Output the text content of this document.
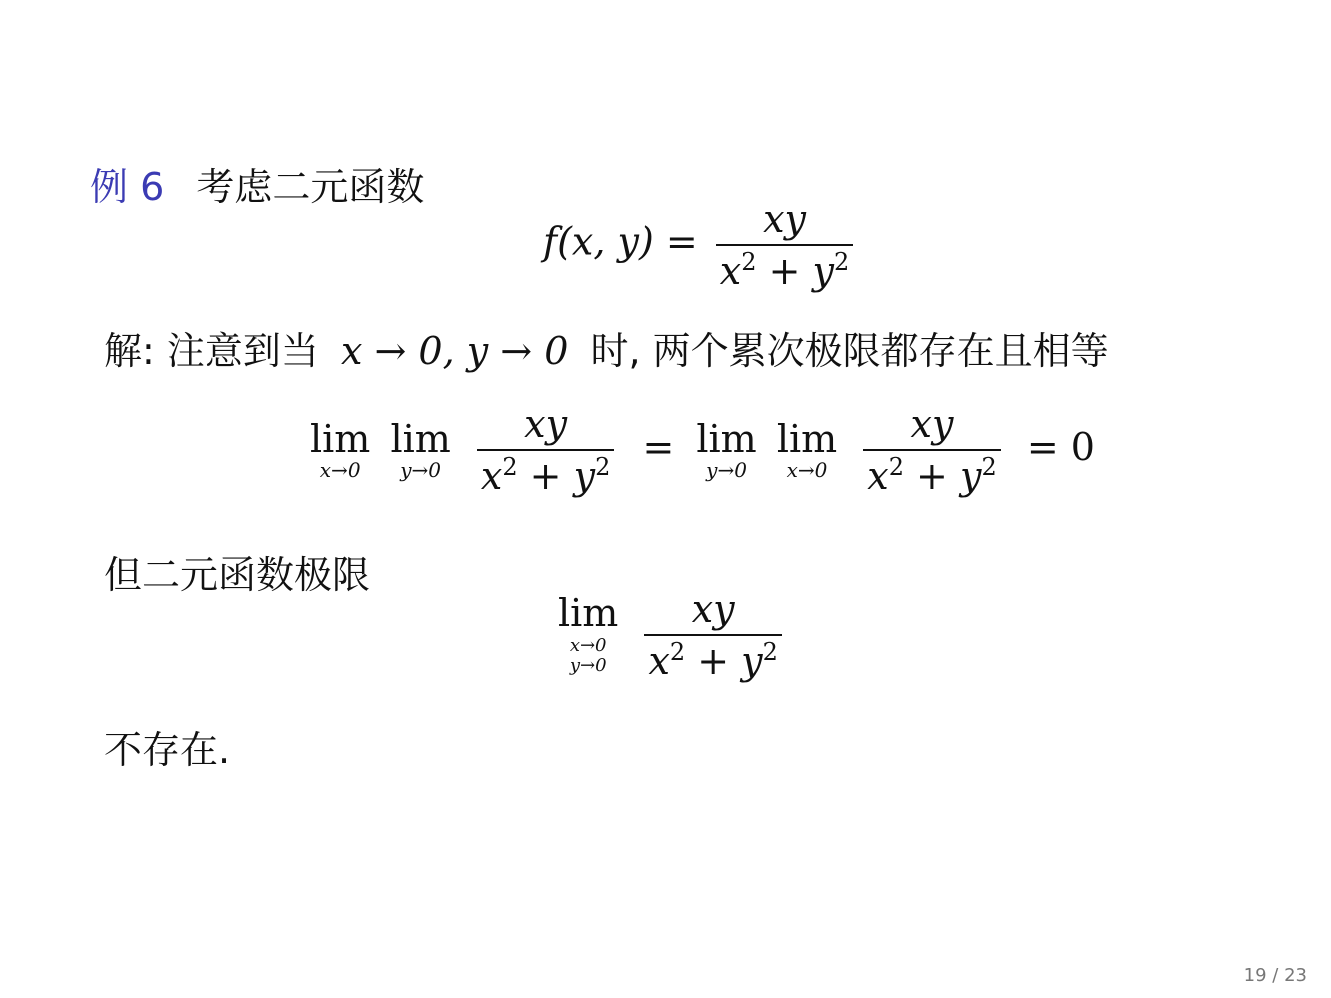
例 6 考虑二元函数
f(x, $y) = \frac{xy}{x^2 + y^2}$
解: 注意到当 x → 0, y → 0 时, 两个累次极限都存在且相等
lim
x→0

lim
y→0
$\frac{xy}{x^2 + y^2} = \lim$
y→0

lim
x→0
$\frac{xy}{x^2 + y^2} = 0$
但二元函数极限
lim
x→0
y→0
$\frac{xy}{x^2 + y^2}$
不存在.
19 / 23
